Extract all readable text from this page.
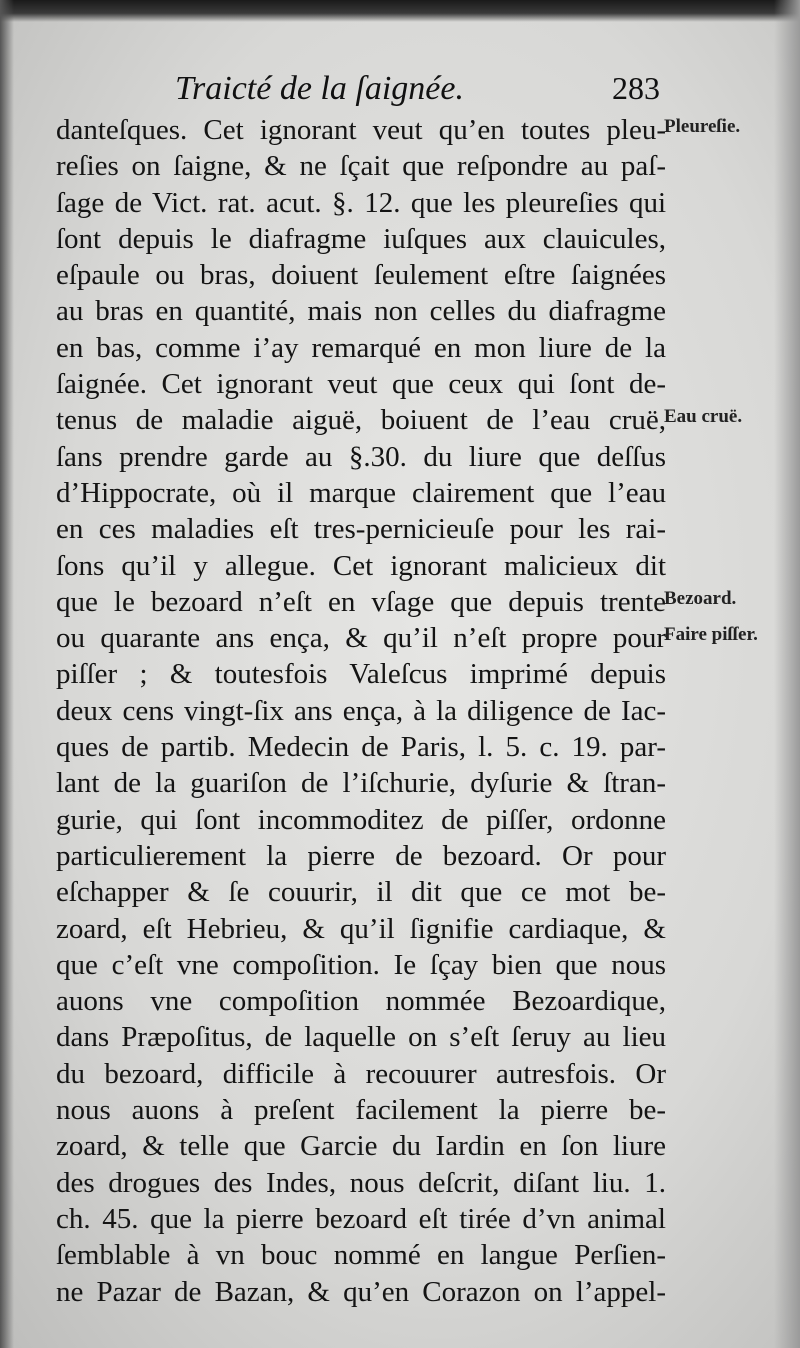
Traicté de la ſaignée.	283
danteſques. Cet ignorant veut qu’en toutes pleu-
reſies on ſaigne, & ne ſçait que reſpondre au paſ-
ſage de Vict. rat. acut. §. 12. que les pleureſies qui
ſont depuis le diafragme iuſques aux clauicules,
eſpaule ou bras, doiuent ſeulement eſtre ſaignées
au bras en quantité, mais non celles du diafragme
en bas, comme i’ay remarqué en mon liure de la
ſaignée. Cet ignorant veut que ceux qui ſont de-
tenus de maladie aiguë, boiuent de l’eau cruë,
ſans prendre garde au §.30. du liure que deſſus
d’Hippocrate, où il marque clairement que l’eau
en ces maladies eſt tres-pernicieuſe pour les rai-
ſons qu’il y allegue. Cet ignorant malicieux dit
que le bezoard n’eſt en vſage que depuis trente
ou quarante ans ença, & qu’il n’eſt propre pour
piſſer ; & toutesfois Valeſcus imprimé depuis
deux cens vingt-ſix ans ença, à la diligence de Iac-
ques de partib. Medecin de Paris, l. 5. c. 19. par-
lant de la guariſon de l’iſchurie, dyſurie & ſtran-
gurie, qui ſont incommoditez de piſſer, ordonne
particulierement la pierre de bezoard. Or pour
eſchapper & ſe couurir, il dit que ce mot be-
zoard, eſt Hebrieu, & qu’il ſignifie cardiaque, &
que c’eſt vne compoſition. Ie ſçay bien que nous
auons vne compoſition nommée Bezoardique,
dans Præpoſitus, de laquelle on s’eſt ſeruy au lieu
du bezoard, difficile à recouurer autresfois. Or
nous auons à preſent facilement la pierre be-
zoard, & telle que Garcie du Iardin en ſon liure
des drogues des Indes, nous deſcrit, diſant liu. 1.
ch. 45. que la pierre bezoard eſt tirée d’vn animal
ſemblable à vn bouc nommé en langue Perſien-
ne Pazar de Bazan, & qu’en Corazon on l’appel-
Pleureſie.
Eau cruë.
Bezoard.
Faire piſſer.
